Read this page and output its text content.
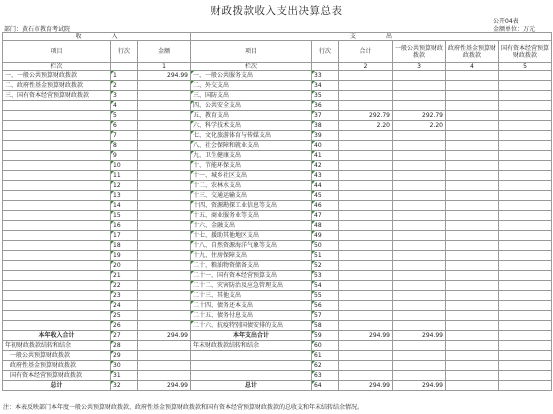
财政拨款收入支出决算总表
公开04表
部门：黄石市教育考试院	金额单位：万元
收　　　　　入			支　　　　　出					
项目	行次	金额	项目	行次	合计	一般公共预算财政拨款	政府性基金预算财政拨款	国有资本经营预算财政拨款
栏次		1	栏次		2	3	4	5
一、一般公共预算财政拨款	1	294.99	一、一般公共服务支出	33				
二、政府性基金预算财政拨款	2		二、外交支出	34				
三、国有资本经营预算财政拨款	3		三、国防支出	35				
	4		四、公共安全支出	36				
	5		五、教育支出	37	292.79	292.79		
	6		六、科学技术支出	38	2.20	2.20		
	7		七、文化旅游体育与传媒支出	39				
	8		八、社会保障和就业支出	40				
	9		九、卫生健康支出	41				
	10		十、节能环保支出	42				
	11		十一、城乡社区支出	43				
	12		十二、农林水支出	44				
	13		十三、交通运输支出	45				
	14		十四、资源勘探工业信息等支出	46				
	15		十五、商业服务业等支出	47				
	16		十六、金融支出	48				
	17		十七、援助其他地区支出	49				
	18		十八、自然资源海洋气象等支出	50				
	19		十九、住房保障支出	51				
	20		二十、粮油物资储备支出	52				
	21		二十一、国有资本经营预算支出	53				
	22		二十二、灾害防治及应急管理支出	54				
	23		二十三、其他支出	55				
	24		二十四、债务还本支出	56				
	25		二十五、债务付息支出	57				
	26		二十六、抗疫特别国债安排的支出	58				
本年收入合计	27	294.99	本年支出合计	59	294.99	294.99		
年初财政拨款结转和结余	28		年末财政拨款结转和结余	60				
一般公共预算财政拨款	29			61				
政府性基金预算财政拨款	30			62				
国有资本经营预算财政拨款	31			63				
总计	32	294.99	总计	64	294.99	294.99		
注：本表反映部门本年度一般公共预算财政拨款、政府性基金预算财政拨款和国有资本经营预算财政拨款的总收支和年末结转结余情况。
